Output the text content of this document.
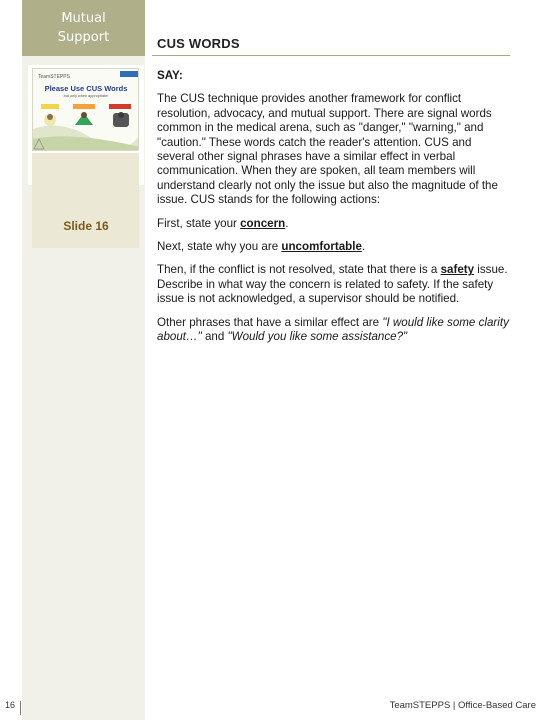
Mutual
Support	CUS WORDS
TeamSTEPPS
Please Use CUS Words
but only when appropriate!
Slide 16

SAY:

The CUS technique provides another framework for conflict resolution, advocacy, and mutual support. There are signal words common in the medical arena, such as "danger," "warning," and "caution." These words catch the reader's attention. CUS and several other signal phrases have a similar effect in verbal communication. When they are spoken, all team members will understand clearly not only the issue but also the magnitude of the issue. CUS stands for the following actions:

First, state your concern.

Next, state why you are uncomfortable.

Then, if the conflict is not resolved, state that there is a safety issue. Describe in what way the concern is related to safety. If the safety issue is not acknowledged, a supervisor should be notified.

Other phrases that have a similar effect are "I would like some clarity about…" and "Would you like some assistance?"

16	TeamSTEPPS | Office-Based Care
